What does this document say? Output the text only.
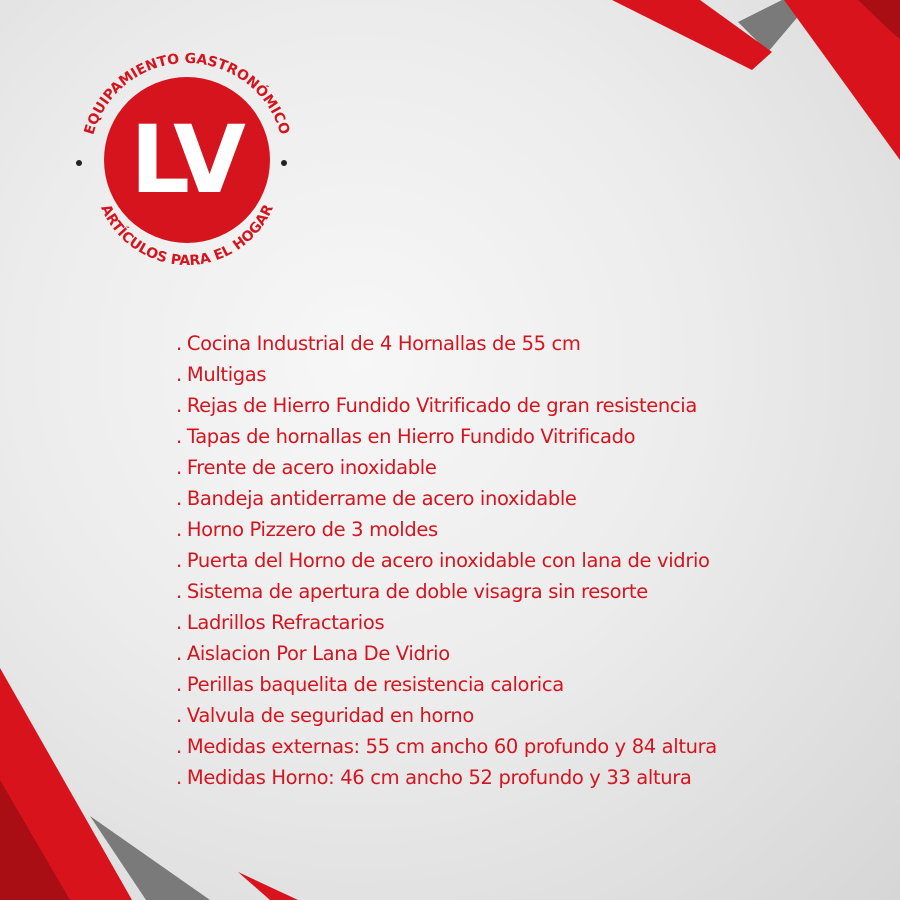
LV
EQUIPAMIENTO GASTRONÓMICO
ARTÍCULOS PARA EL HOGAR
. Cocina Industrial de 4 Hornallas de 55 cm
. Multigas
. Rejas de Hierro Fundido Vitrificado de gran resistencia
. Tapas de hornallas en Hierro Fundido Vitrificado
. Frente de acero inoxidable
. Bandeja antiderrame de acero inoxidable
. Horno Pizzero de 3 moldes
. Puerta del Horno de acero inoxidable con lana de vidrio
. Sistema de apertura de doble visagra sin resorte
. Ladrillos Refractarios
. Aislacion Por Lana De Vidrio
. Perillas baquelita de resistencia calorica
. Valvula de seguridad en horno
. Medidas externas: 55 cm ancho 60 profundo y 84 altura
. Medidas Horno: 46 cm ancho 52 profundo y 33 altura
